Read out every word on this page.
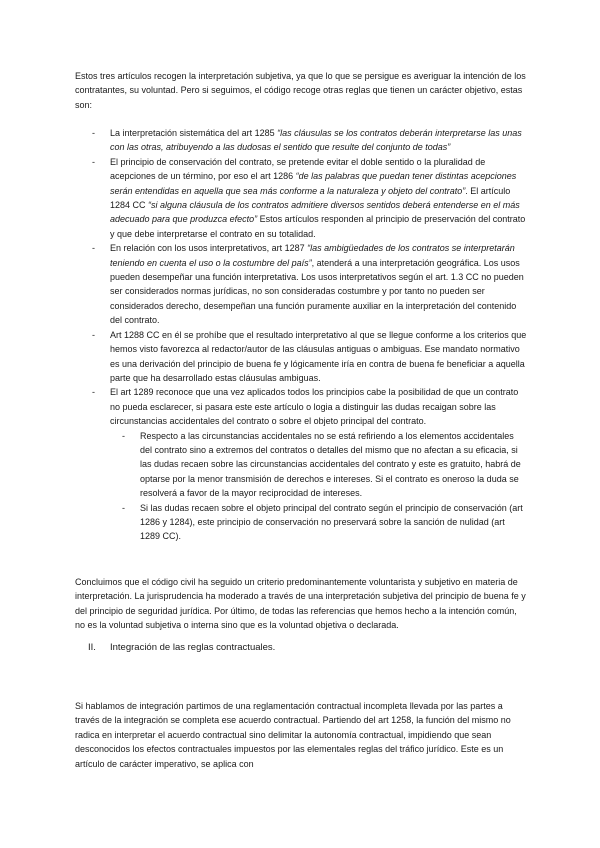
Estos tres artículos recogen la interpretación subjetiva, ya que lo que se persigue es averiguar la intención de los contratantes, su voluntad. Pero si seguimos, el código recoge otras reglas que tienen un carácter objetivo, estas son:

- La interpretación sistemática del art 1285 “las cláusulas se los contratos deberán interpretarse las unas con las otras, atribuyendo a las dudosas el sentido que resulte del conjunto de todas”
- El principio de conservación del contrato, se pretende evitar el doble sentido o la pluralidad de acepciones de un término, por eso el art 1286 “de las palabras que puedan tener distintas acepciones serán entendidas en aquella que sea más conforme a la naturaleza y objeto del contrato”. El artículo 1284 CC “si alguna cláusula de los contratos admitiere diversos sentidos deberá entenderse en el más adecuado para que produzca efecto” Estos artículos responden al principio de preservación del contrato y que debe interpretarse el contrato en su totalidad.
- En relación con los usos interpretativos, art 1287 “las ambigüedades de los contratos se interpretarán teniendo en cuenta el uso o la costumbre del país”, atenderá a una interpretación geográfica. Los usos pueden desempeñar una función interpretativa. Los usos interpretativos según el art. 1.3 CC no pueden ser considerados normas jurídicas, no son consideradas costumbre y por tanto no pueden ser considerados derecho, desempeñan una función puramente auxiliar en la interpretación del contenido del contrato.
- Art 1288 CC en él se prohíbe que el resultado interpretativo al que se llegue conforme a los criterios que hemos visto favorezca al redactor/autor de las cláusulas antiguas o ambiguas. Ese mandato normativo es una derivación del principio de buena fe y lógicamente iría en contra de buena fe beneficiar a aquella parte que ha desarrollado estas cláusulas ambiguas.
- El art 1289 reconoce que una vez aplicados todos los principios cabe la posibilidad de que un contrato no pueda esclarecer, si pasara este este artículo o logia a distinguir las dudas recaigan sobre las circunstancias accidentales del contrato o sobre el objeto principal del contrato.
- Respecto a las circunstancias accidentales no se está refiriendo a los elementos accidentales del contrato sino a extremos del contratos o detalles del mismo que no afectan a su eficacia, si las dudas recaen sobre las circunstancias accidentales del contrato y este es gratuito, habrá de optarse por la menor transmisión de derechos e intereses. Si el contrato es oneroso la duda se resolverá a favor de la mayor reciprocidad de intereses.
- Si las dudas recaen sobre el objeto principal del contrato según el principio de conservación (art 1286 y 1284), este principio de conservación no preservará sobre la sanción de nulidad (art 1289 CC).

Concluimos que el código civil ha seguido un criterio predominantemente voluntarista y subjetivo en materia de interpretación. La jurisprudencia ha moderado a través de una interpretación subjetiva del principio de buena fe y del principio de seguridad jurídica. Por último, de todas las referencias que hemos hecho a la intención común, no es la voluntad subjetiva o interna sino que es la voluntad objetiva o declarada.

II. Integración de las reglas contractuales.

Si hablamos de integración partimos de una reglamentación contractual incompleta llevada por las partes a través de la integración se completa ese acuerdo contractual. Partiendo del art 1258, la función del mismo no radica en interpretar el acuerdo contractual sino delimitar la autonomía contractual, impidiendo que sean desconocidos los efectos contractuales impuestos por las elementales reglas del tráfico jurídico. Este es un artículo de carácter imperativo, se aplica con
